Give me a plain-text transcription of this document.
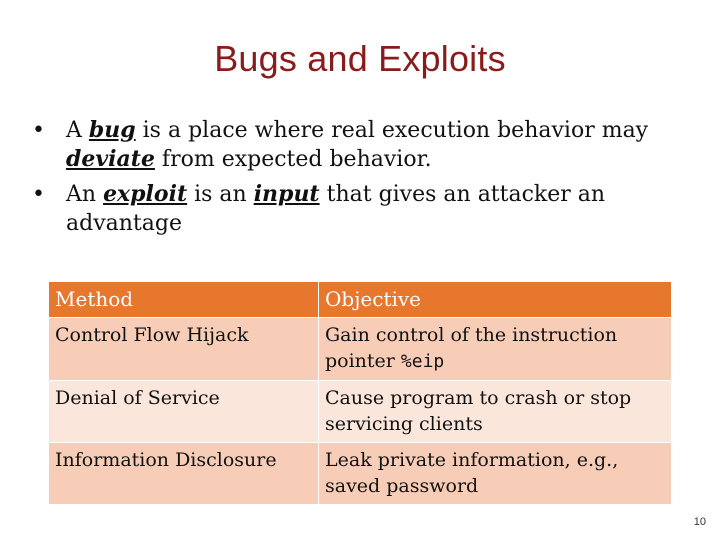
Bugs and Exploits
• A bug is a place where real execution behavior may deviate from expected behavior.
• An exploit is an input that gives an attacker an advantage
Method	Objective
Control Flow Hijack	Gain control of the instruction pointer %eip
Denial of Service	Cause program to crash or stop servicing clients
Information Disclosure	Leak private information, e.g., saved password
10
